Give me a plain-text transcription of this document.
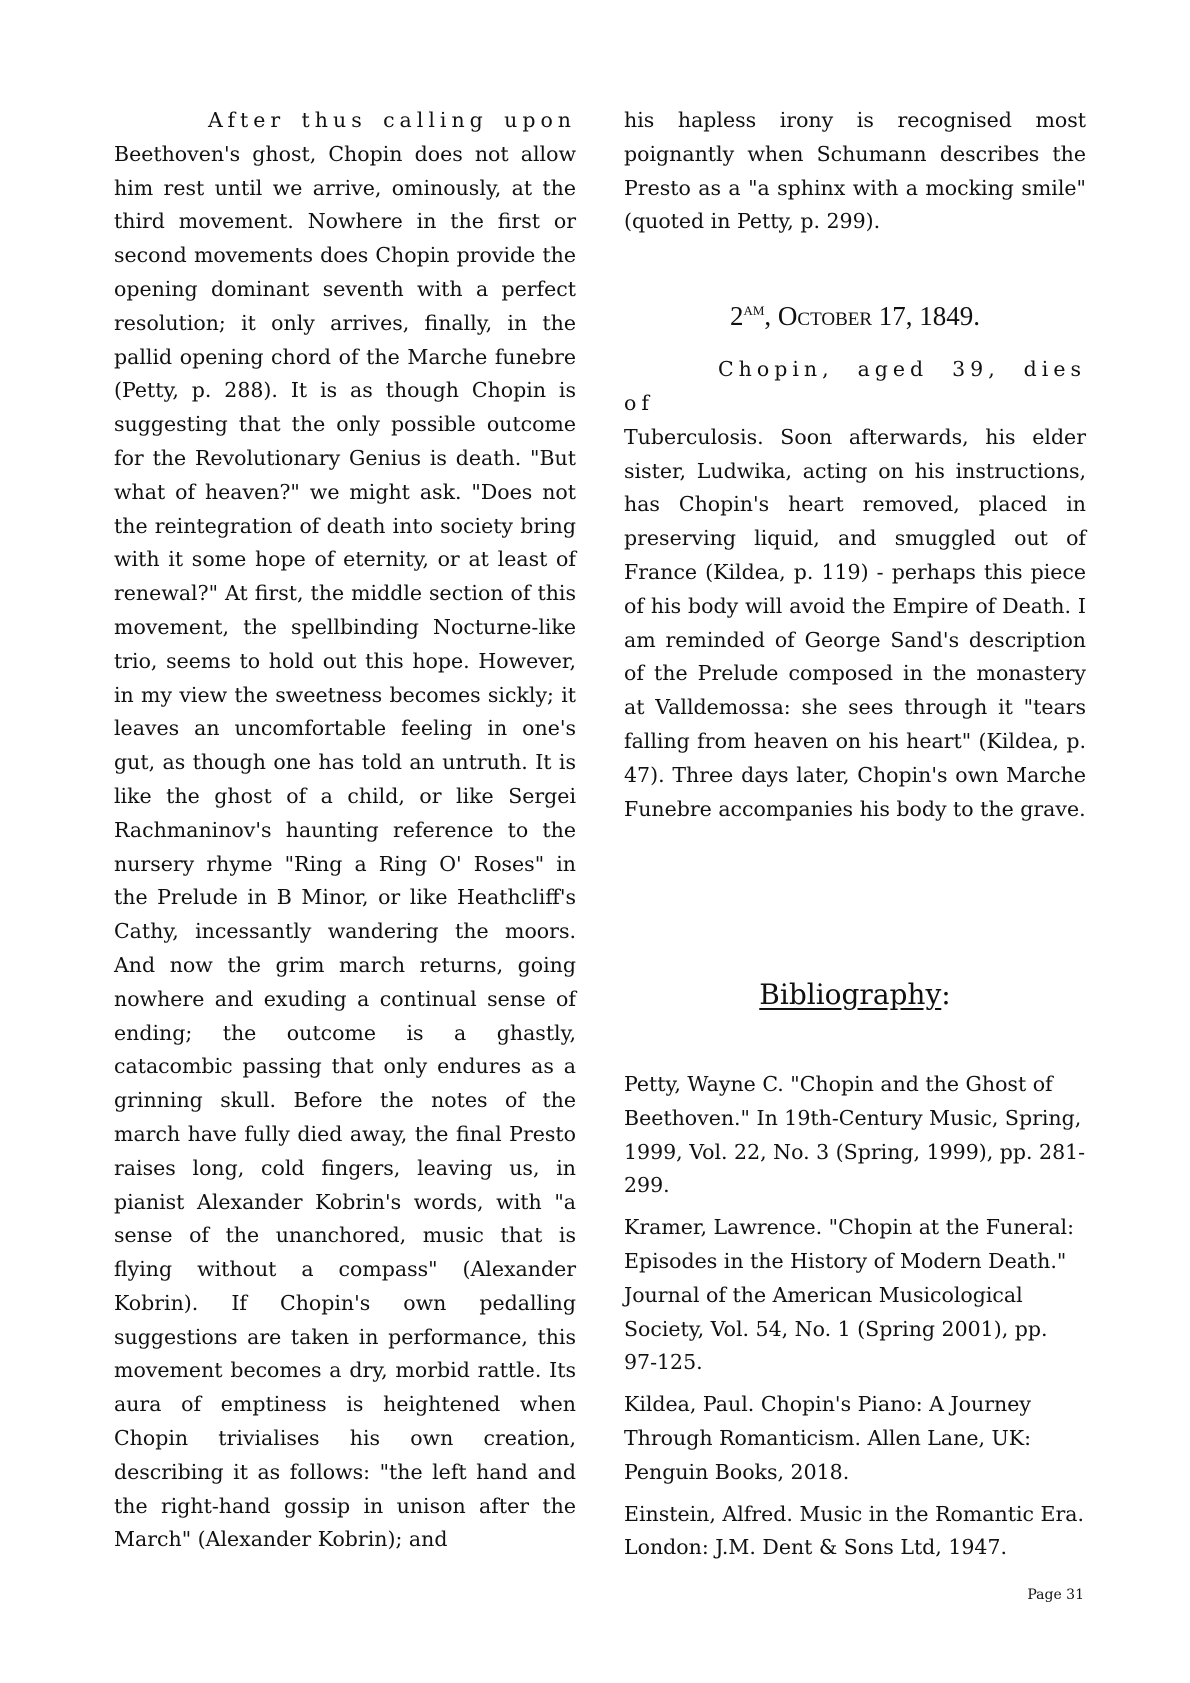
After thus calling upon
Beethoven's ghost, Chopin does not allow him rest until we arrive, ominously, at the third movement. Nowhere in the first or second movements does Chopin provide the opening dominant seventh with a perfect resolution; it only arrives, finally, in the pallid opening chord of the Marche funebre (Petty, p. 288). It is as though Chopin is suggesting that the only possible outcome for the Revolutionary Genius is death. "But what of heaven?" we might ask. "Does not the reintegration of death into society bring with it some hope of eternity, or at least of renewal?" At first, the middle section of this movement, the spellbinding Nocturne-like trio, seems to hold out this hope. However, in my view the sweetness becomes sickly; it leaves an uncomfortable feeling in one's gut, as though one has told an untruth. It is like the ghost of a child, or like Sergei Rachmaninov's haunting reference to the nursery rhyme "Ring a Ring O' Roses" in the Prelude in B Minor, or like Heathcliff's Cathy, incessantly wandering the moors. And now the grim march returns, going nowhere and exuding a continual sense of ending; the outcome is a ghastly, catacombic passing that only endures as a grinning skull. Before the notes of the march have fully died away, the final Presto raises long, cold fingers, leaving us, in pianist Alexander Kobrin's words, with "a sense of the unanchored, music that is flying without a compass" (Alexander Kobrin). If Chopin's own pedalling suggestions are taken in performance, this movement becomes a dry, morbid rattle. Its aura of emptiness is heightened when Chopin trivialises his own creation, describing it as follows: "the left hand and the right-hand gossip in unison after the March" (Alexander Kobrin); and

his hapless irony is recognised most poignantly when Schumann describes the Presto as a "a sphinx with a mocking smile" (quoted in Petty, p. 299).

$2^{AM}$, October 17, 1849.

Chopin, aged 39, dies of
Tuberculosis. Soon afterwards, his elder sister, Ludwika, acting on his instructions, has Chopin's heart removed, placed in preserving liquid, and smuggled out of France (Kildea, p. 119) - perhaps this piece of his body will avoid the Empire of Death. I am reminded of George Sand's description of the Prelude composed in the monastery at Valldemossa: she sees through it "tears falling from heaven on his heart" (Kildea, p. 47). Three days later, Chopin's own Marche Funebre accompanies his body to the grave.

Bibliography:

Petty, Wayne C. "Chopin and the Ghost of Beethoven." In 19th-Century Music, Spring, 1999, Vol. 22, No. 3 (Spring, 1999), pp. 281-299.

Kramer, Lawrence. "Chopin at the Funeral: Episodes in the History of Modern Death." Journal of the American Musicological Society, Vol. 54, No. 1 (Spring 2001), pp. 97-125.

Kildea, Paul. Chopin's Piano: A Journey Through Romanticism. Allen Lane, UK: Penguin Books, 2018.

Einstein, Alfred. Music in the Romantic Era. London: J.M. Dent & Sons Ltd, 1947.

Page 31
